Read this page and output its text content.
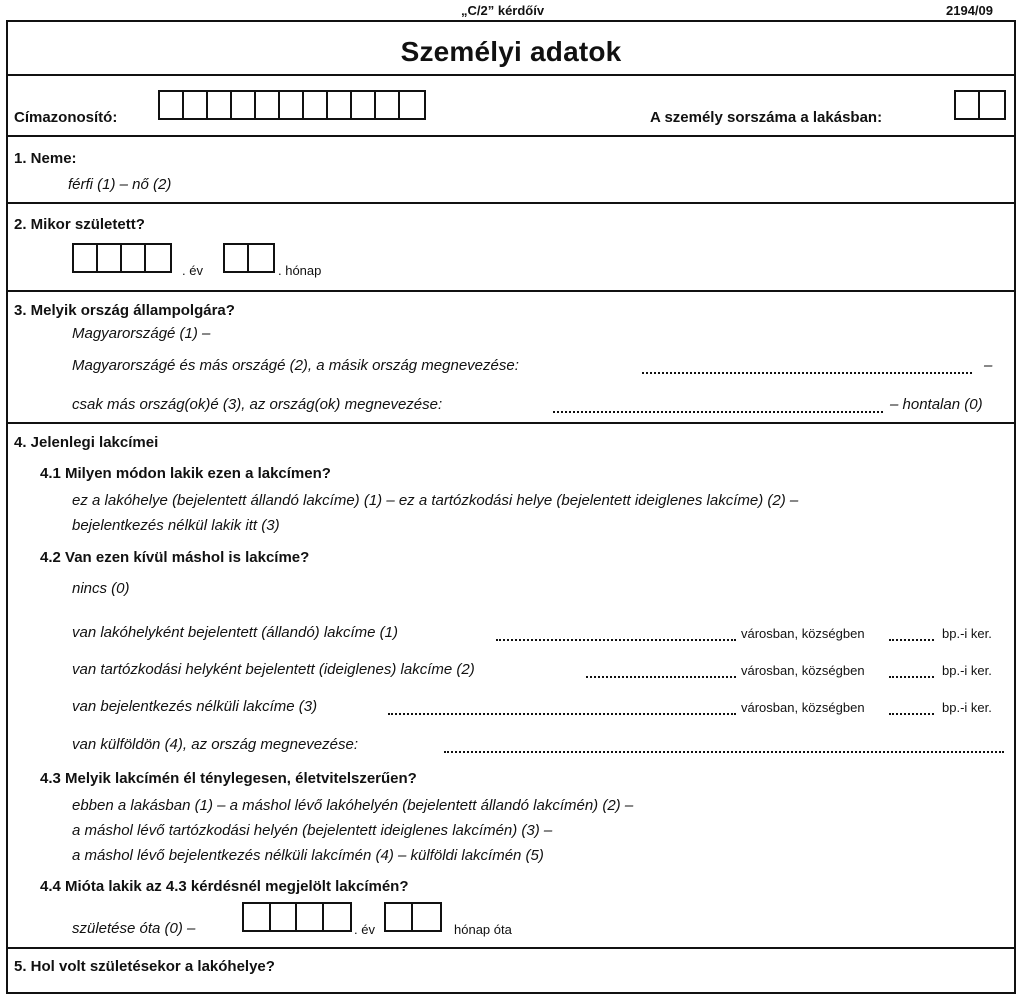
„C/2” kérdőív	2194/09
Személyi adatok
Címazonosító:	A személy sorszáma a lakásban:
1. Neme:
férfi (1) – nő (2)
2. Mikor született?
. év	. hónap
3. Melyik ország állampolgára?
Magyarországé (1) –
Magyarországé és más országé (2), a másik ország megnevezése:	–
csak más ország(ok)é (3), az ország(ok) megnevezése:	– hontalan (0)
4. Jelenlegi lakcímei
4.1 Milyen módon lakik ezen a lakcímen?
ez a lakóhelye (bejelentett állandó lakcíme) (1) – ez a tartózkodási helye (bejelentett ideiglenes lakcíme) (2) –
bejelentkezés nélkül lakik itt (3)
4.2 Van ezen kívül máshol is lakcíme?
nincs (0)
van lakóhelyként bejelentett (állandó) lakcíme (1)	városban, községben	bp.-i ker.
van tartózkodási helyként bejelentett (ideiglenes) lakcíme (2)	városban, községben	bp.-i ker.
van bejelentkezés nélküli lakcíme (3)	városban, községben	bp.-i ker.
van külföldön (4), az ország megnevezése:
4.3 Melyik lakcímén él ténylegesen, életvitelszerűen?
ebben a lakásban (1) – a máshol lévő lakóhelyén (bejelentett állandó lakcímén) (2) –
a máshol lévő tartózkodási helyén (bejelentett ideiglenes lakcímén) (3) –
a máshol lévő bejelentkezés nélküli lakcímén (4) – külföldi lakcímén (5)
4.4 Mióta lakik az 4.3 kérdésnél megjelölt lakcímén?
születése óta (0) –	. év	hónap óta
5. Hol volt születésekor a lakóhelye?
